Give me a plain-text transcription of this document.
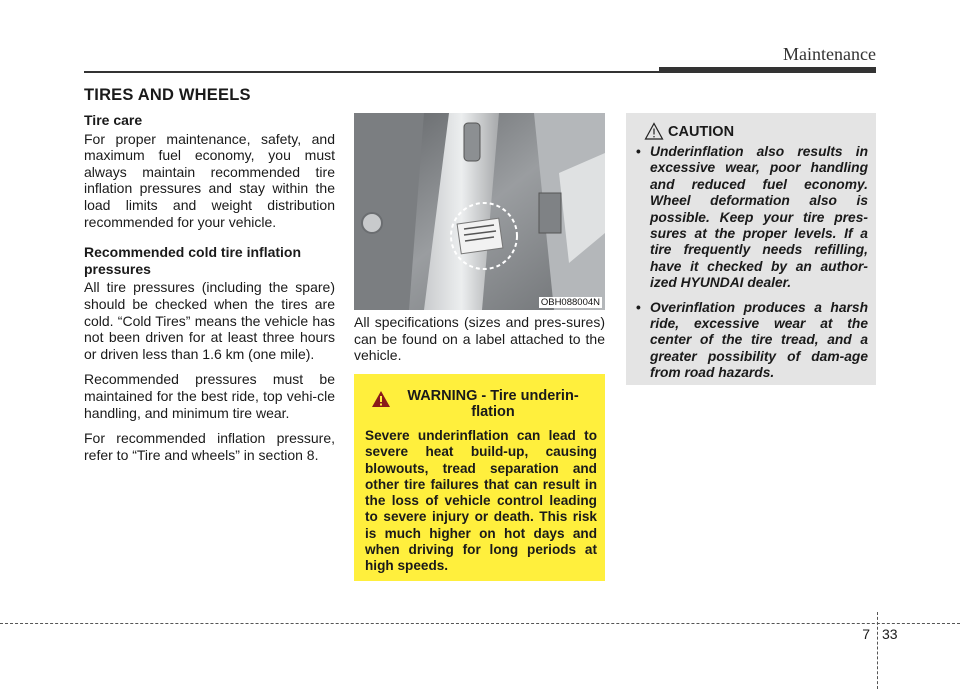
Maintenance
TIRES AND WHEELS
Tire care

For proper maintenance, safety, and maximum fuel economy, you must always maintain recommended tire inflation pressures and stay within the load limits and weight distribution recommended for your vehicle.

Recommended cold tire inflation pressures

All tire pressures (including the spare) should be checked when the tires are cold. “Cold Tires” means the vehicle has not been driven for at least three hours or driven less than 1.6 km (one mile).

Recommended pressures must be maintained for the best ride, top vehi-cle handling, and minimum tire wear.

For recommended inflation pressure, refer to “Tire and wheels” in section 8.

OBH088004N

All specifications (sizes and pres-sures) can be found on a label attached to the vehicle.

WARNING - Tire underin-flation
Severe underinflation can lead to severe heat build-up, causing blowouts, tread separation and other tire failures that can result in the loss of vehicle control leading to severe injury or death. This risk is much higher on hot days and when driving for long periods at high speeds.
CAUTION
• Underinflation also results in excessive wear, poor handling and reduced fuel economy. Wheel deformation also is possible. Keep your tire pres-sures at the proper levels. If a tire frequently needs refilling, have it checked by an author-ized HYUNDAI dealer.
• Overinflation produces a harsh ride, excessive wear at the center of the tire tread, and a greater possibility of dam-age from road hazards.
7 33
